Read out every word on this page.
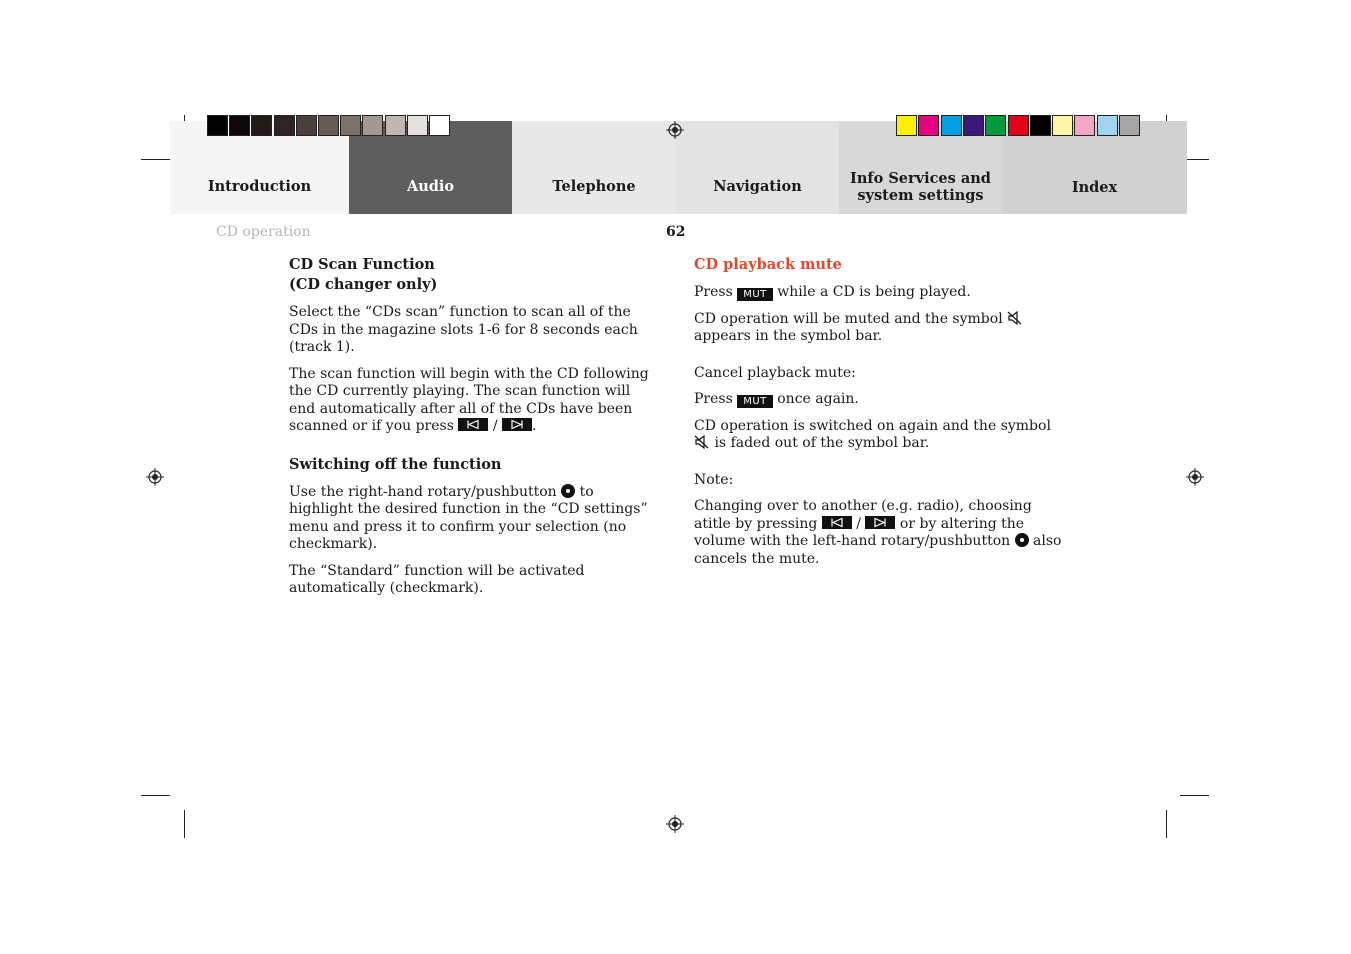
Introduction	Audio	Telephone	Navigation	Info Services and
system settings	Index
CD operation	62
CD Scan Function
(CD changer only)

Select the “CDs scan” function to scan all of the CDs in the magazine slots 1-6 for 8 seconds each (track 1).

The scan function will begin with the CD following the CD currently playing. The scan function will end automatically after all of the CDs have been scanned or if you press	/ .

Switching off the function

Use the right-hand rotary/pushbutton to highlight the desired function in the “CD settings” menu and press it to confirm your selection (no checkmark).

The “Standard” function will be activated automatically (checkmark).

CD playback mute

Press MUT while a CD is being played.

CD operation will be muted and the symbol  appears in the symbol bar.

Cancel playback mute:

Press MUT once again.

CD operation is switched on again and the symbol  is faded out of the symbol bar.

Note:

Changing over to another (e.g. radio), choosing atitle by pressing	/	or by altering the volume with the left-hand rotary/pushbutton also cancels the mute.
